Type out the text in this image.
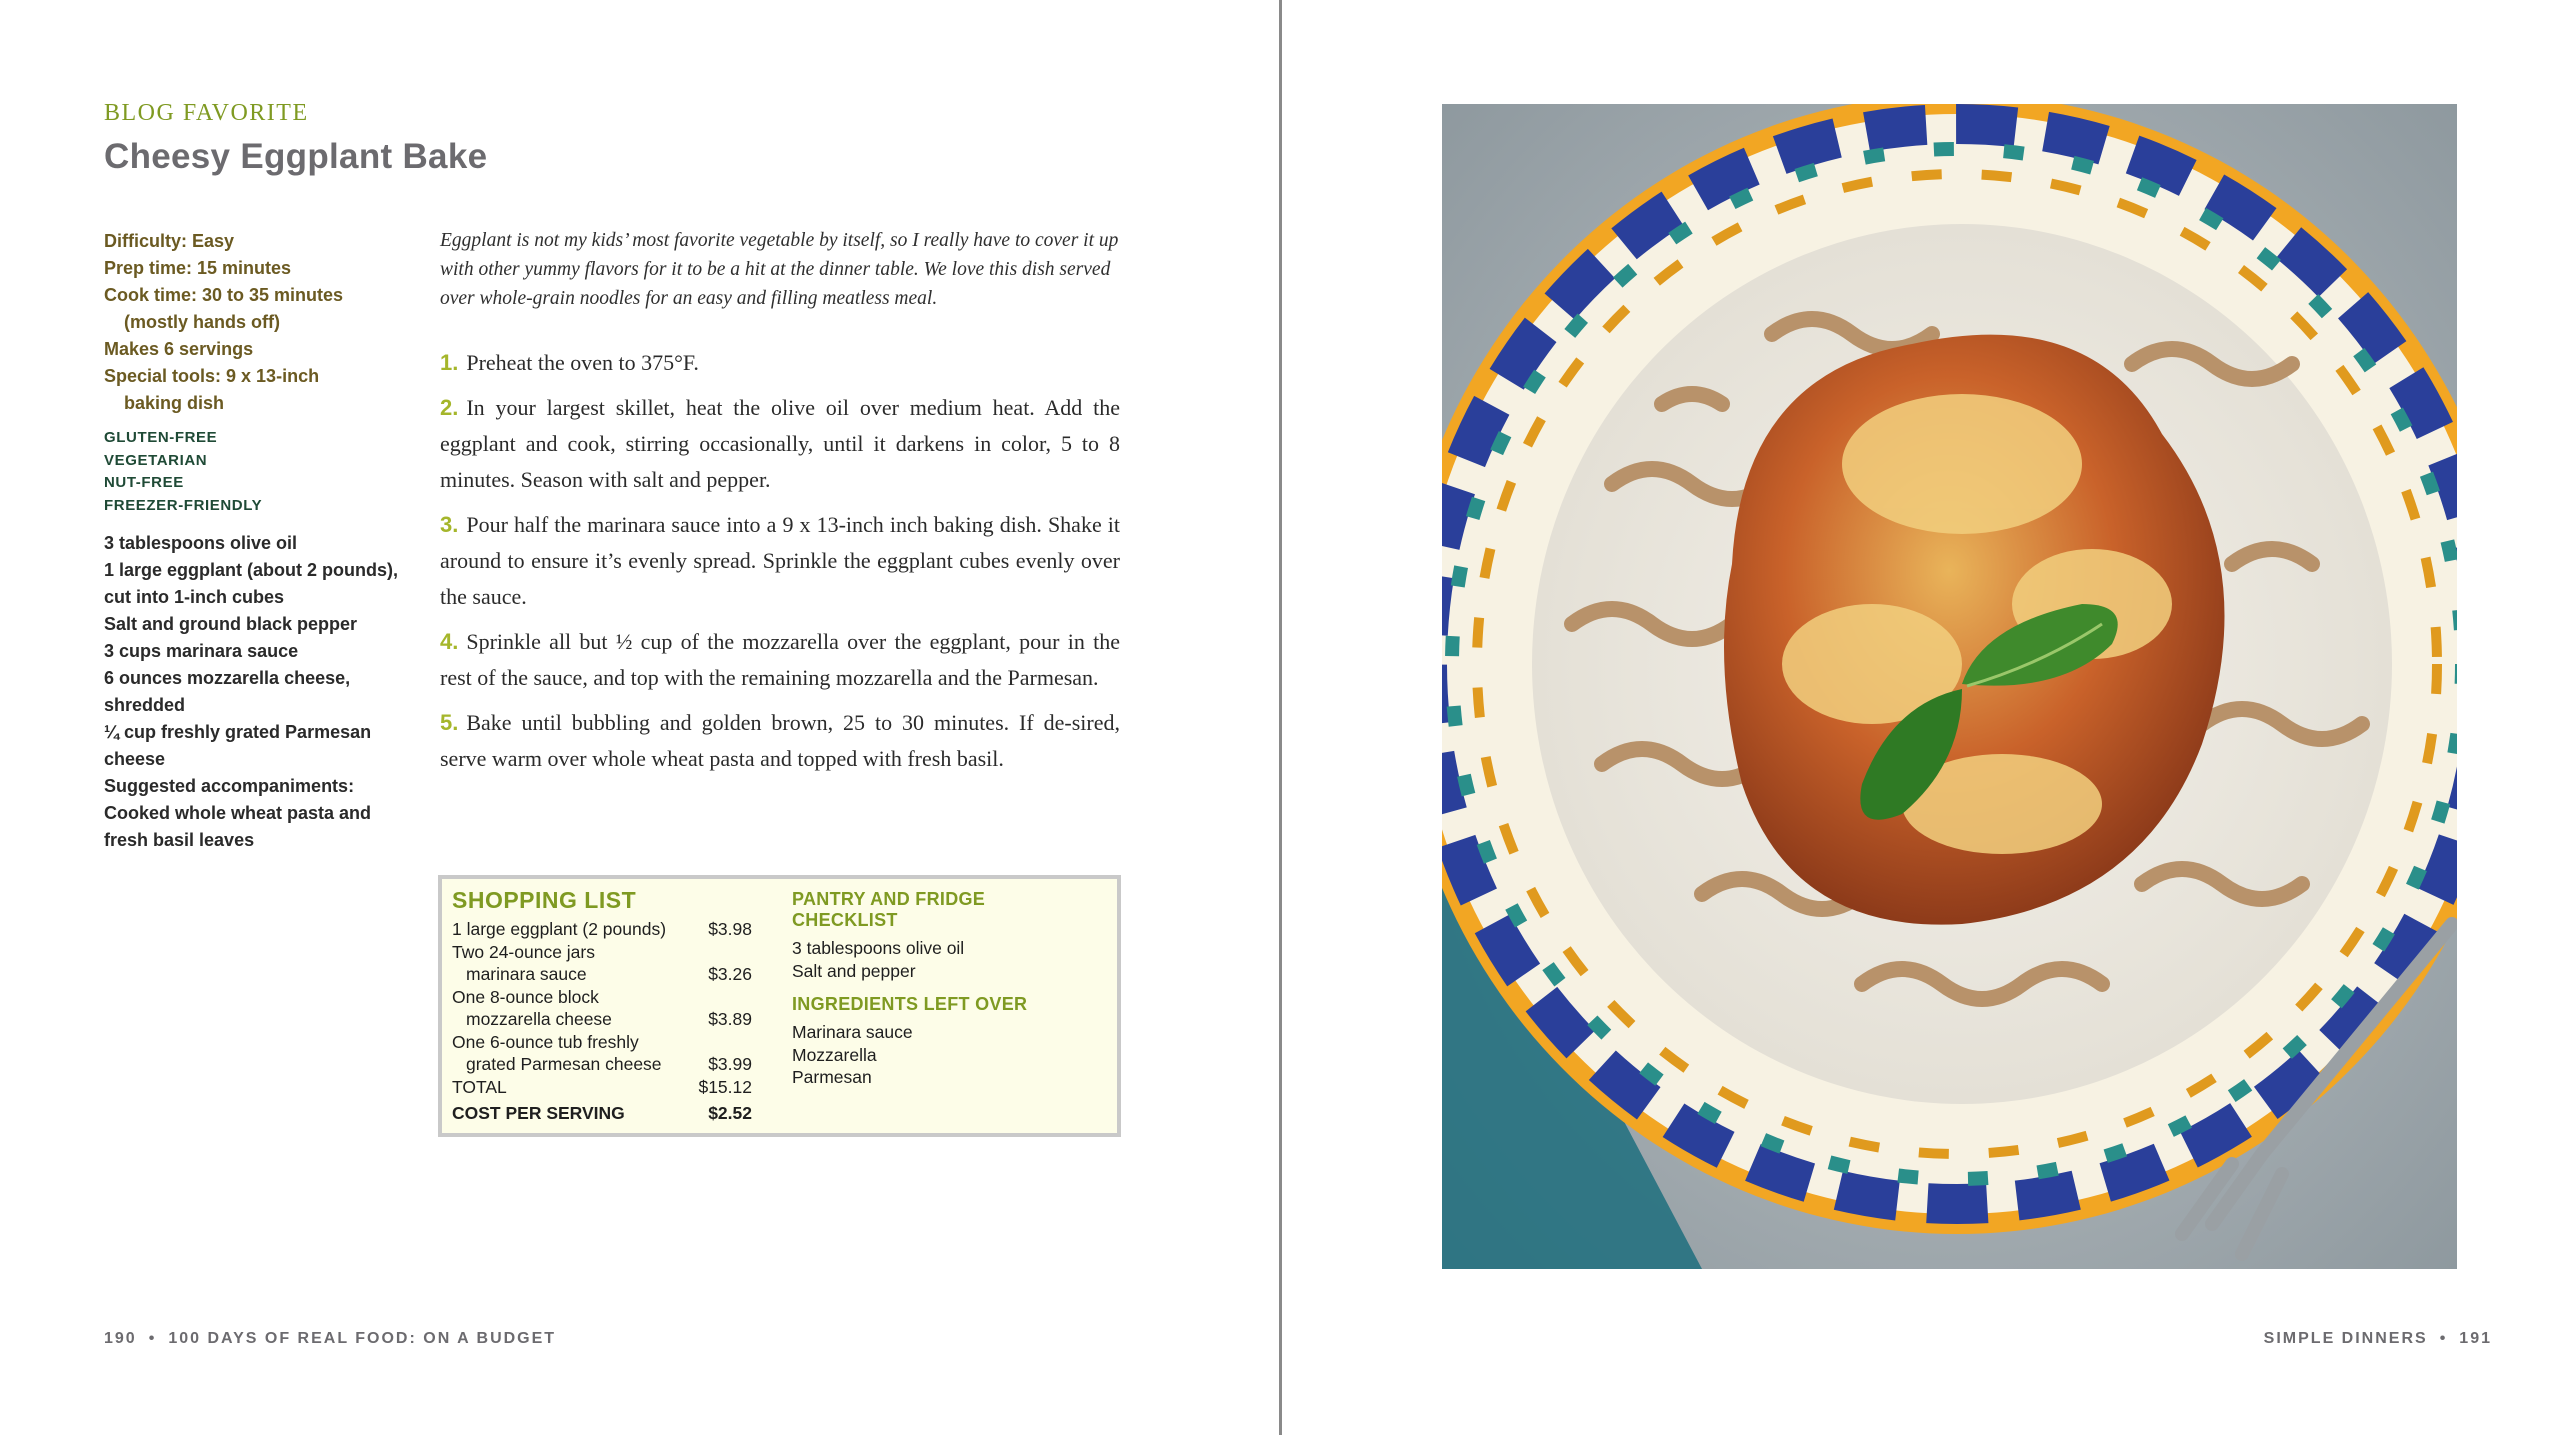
BLOG FAVORITE
Cheesy Eggplant Bake
Difficulty: Easy
Prep time: 15 minutes
Cook time: 30 to 35 minutes
(mostly hands off)
Makes 6 servings
Special tools: 9 x 13-inch
baking dish
GLUTEN-FREE
VEGETARIAN
NUT-FREE
FREEZER-FRIENDLY
3 tablespoons olive oil
1 large eggplant (about 2 pounds), cut into 1-inch cubes
Salt and ground black pepper
3 cups marinara sauce
6 ounces mozzarella cheese, shredded
¼ cup freshly grated Parmesan cheese
Suggested accompaniments:
Cooked whole wheat pasta and fresh basil leaves
Eggplant is not my kids’ most favorite vegetable by itself, so I really have to cover it up with other yummy flavors for it to be a hit at the dinner table. We love this dish served over whole-grain noodles for an easy and filling meatless meal.
1. Preheat the oven to 375°F.
2. In your largest skillet, heat the olive oil over medium heat. Add the eggplant and cook, stirring occasionally, until it darkens in color, 5 to 8 minutes. Season with salt and pepper.
3. Pour half the marinara sauce into a 9 x 13-inch inch baking dish. Shake it around to ensure it’s evenly spread. Sprinkle the eggplant cubes evenly over the sauce.
4. Sprinkle all but ½ cup of the mozzarella over the eggplant, pour in the rest of the sauce, and top with the remaining mozzarella and the Parmesan.
5. Bake until bubbling and golden brown, 25 to 30 minutes. If de-sired, serve warm over whole wheat pasta and topped with fresh basil.
SHOPPING LIST
1 large eggplant (2 pounds)	$3.98
Two 24-ounce jars
marinara sauce	$3.26
One 8-ounce block
mozzarella cheese	$3.89
One 6-ounce tub freshly
grated Parmesan cheese	$3.99
TOTAL	$15.12
COST PER SERVING	$2.52
PANTRY AND FRIDGE CHECKLIST
3 tablespoons olive oil
Salt and pepper
INGREDIENTS LEFT OVER
Marinara sauce
Mozzarella
Parmesan
190 • 100 DAYS OF REAL FOOD: ON A BUDGET	SIMPLE DINNERS • 191
